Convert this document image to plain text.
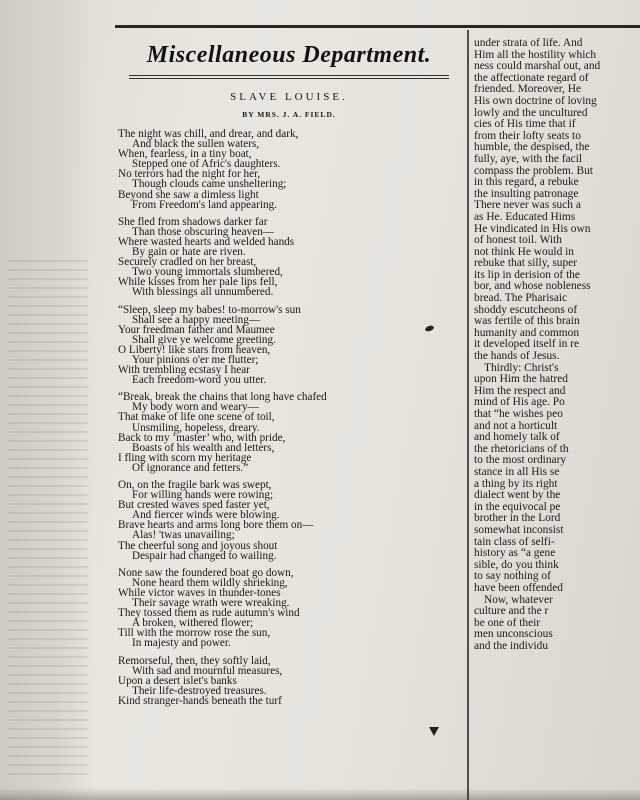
Miscellaneous Department.
SLAVE LOUISE.
BY MRS. J. A. FIELD.
The night was chill, and drear, and dark,
And black the sullen waters,
When, fearless, in a tiny boat,
Stepped one of Afric's daughters.
No terrors had the night for her,
Though clouds came unsheltering;
Beyond she saw a dimless light
From Freedom's land appearing.
She fled from shadows darker far
Than those obscuring heaven—
Where wasted hearts and welded hands
By gain or hate are riven.
Securely cradled on her breast,
Two young immortals slumbered,
While kisses from her pale lips fell,
With blessings all unnumbered.
“Sleep, sleep my babes! to-morrow's sun
Shall see a happy meeting—
Your freedman father and Maumee
Shall give ye welcome greeting.
O Liberty! like stars from heaven,
Your pinions o'er me flutter;
With trembling ecstasy I hear
Each freedom-word you utter.
“Break, break the chains that long have chafed
My body worn and weary—
That make of life one scene of toil,
Unsmiling, hopeless, dreary.
Back to my ‘master’ who, with pride,
Boasts of his wealth and letters,
I fling with scorn my heritage
Of ignorance and fetters.”
On, on the fragile bark was swept,
For willing hands were rowing;
But crested waves sped faster yet,
And fiercer winds were blowing.
Brave hearts and arms long bore them on—
Alas! 'twas unavailing;
The cheerful song and joyous shout
Despair had changed to wailing.
None saw the foundered boat go down,
None heard them wildly shrieking,
While victor waves in thunder-tones
Their savage wrath were wreaking.
They tossed them as rude autumn's wind
A broken, withered flower;
Till with the morrow rose the sun,
In majesty and power.
Remorseful, then, they softly laid,
With sad and mournful measures,
Upon a desert islet's banks
Their life-destroyed treasures.
Kind stranger-hands beneath the turf
under strata of life. And
Him all the hostility which
ness could marshal out, and
the affectionate regard of
friended. Moreover, He
His own doctrine of loving
lowly and the uncultured
cies of His time that if
from their lofty seats to
humble, the despised, the
fully, aye, with the facil
compass the problem. But
in this regard, a rebuke
the insulting patronage
There never was such a
as He. Educated Hims
He vindicated in His own
of honest toil. With
not think He would in
rebuke that silly, super
its lip in derision of the
bor, and whose nobleness
bread. The Pharisaic
shoddy escutcheons of
was fertile of this brain
humanity and common
it developed itself in re
the hands of Jesus.
Thirdly: Christ's
upon Him the hatred
Him the respect and
mind of His age. Po
that “he wishes peo
and not a horticult
and homely talk of
the rhetoricians of th
to the most ordinary
stance in all His se
a thing by its right
dialect went by the
in the equivocal pe
brother in the Lord
somewhat inconsist
tain class of selfi-
history as “a gene
sible, do you think
to say nothing of
have been offended
Now, whatever
culture and the r
be one of their
men unconscious
and the individu
